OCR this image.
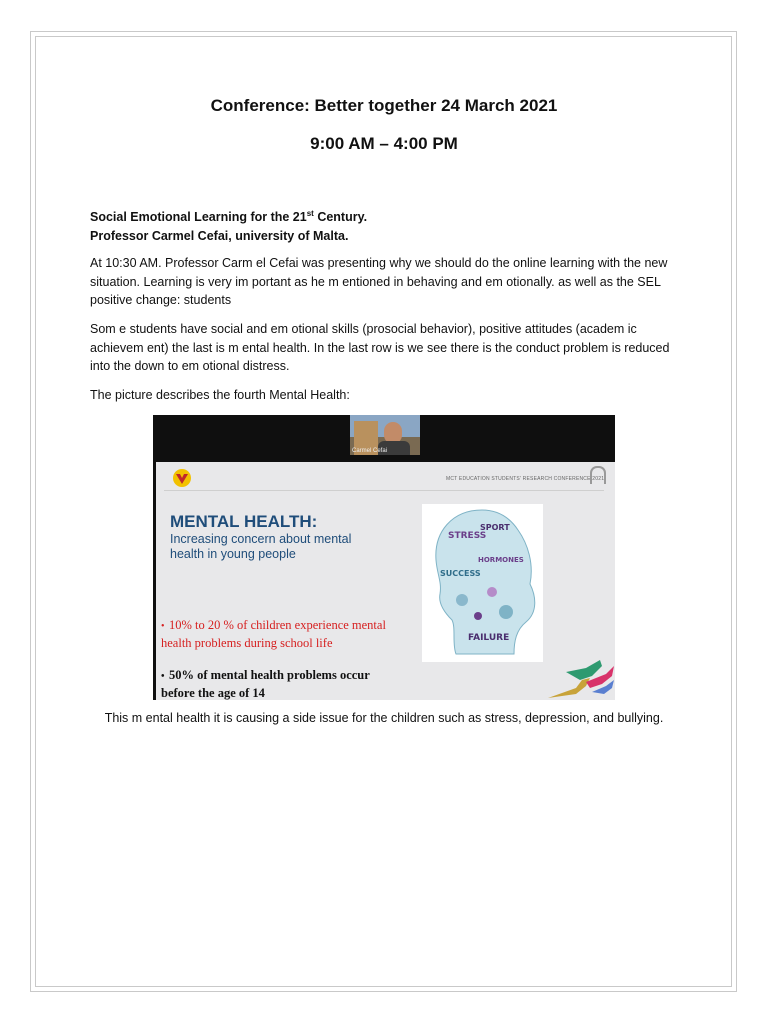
Conference: Better together 24 March 2021
9:00 AM – 4:00 PM
Social Emotional Learning for the 21st Century.
Professor Carmel Cefai, university of Malta.
At 10:30 AM. Professor Carm el Cefai was presenting why we should do the online learning with the new situation. Learning is very im portant as he m entioned in behaving and em otionally. as well as the SEL positive change: students
Som e students have social and em otional skills (prosocial behavior), positive attitudes (academ ic achievem ent) the last is m ental health. In the last row is we see there is the conduct problem is reduced into the down to em otional distress.
The picture describes the fourth Mental Health:
Carmel Cefai
MCT EDUCATION STUDENTS' RESEARCH CONFERENCE 2021
MENTAL HEALTH:
Increasing concern about mental health in young people
• 10% to 20 % of children experience mental health problems during school life
• 50% of mental health problems occur before the age of 14
STRESS
SPORT
SUCCESS
HORMONES
FAILURE
This m ental health it is causing a side issue for the children such as stress, depression, and bullying.
